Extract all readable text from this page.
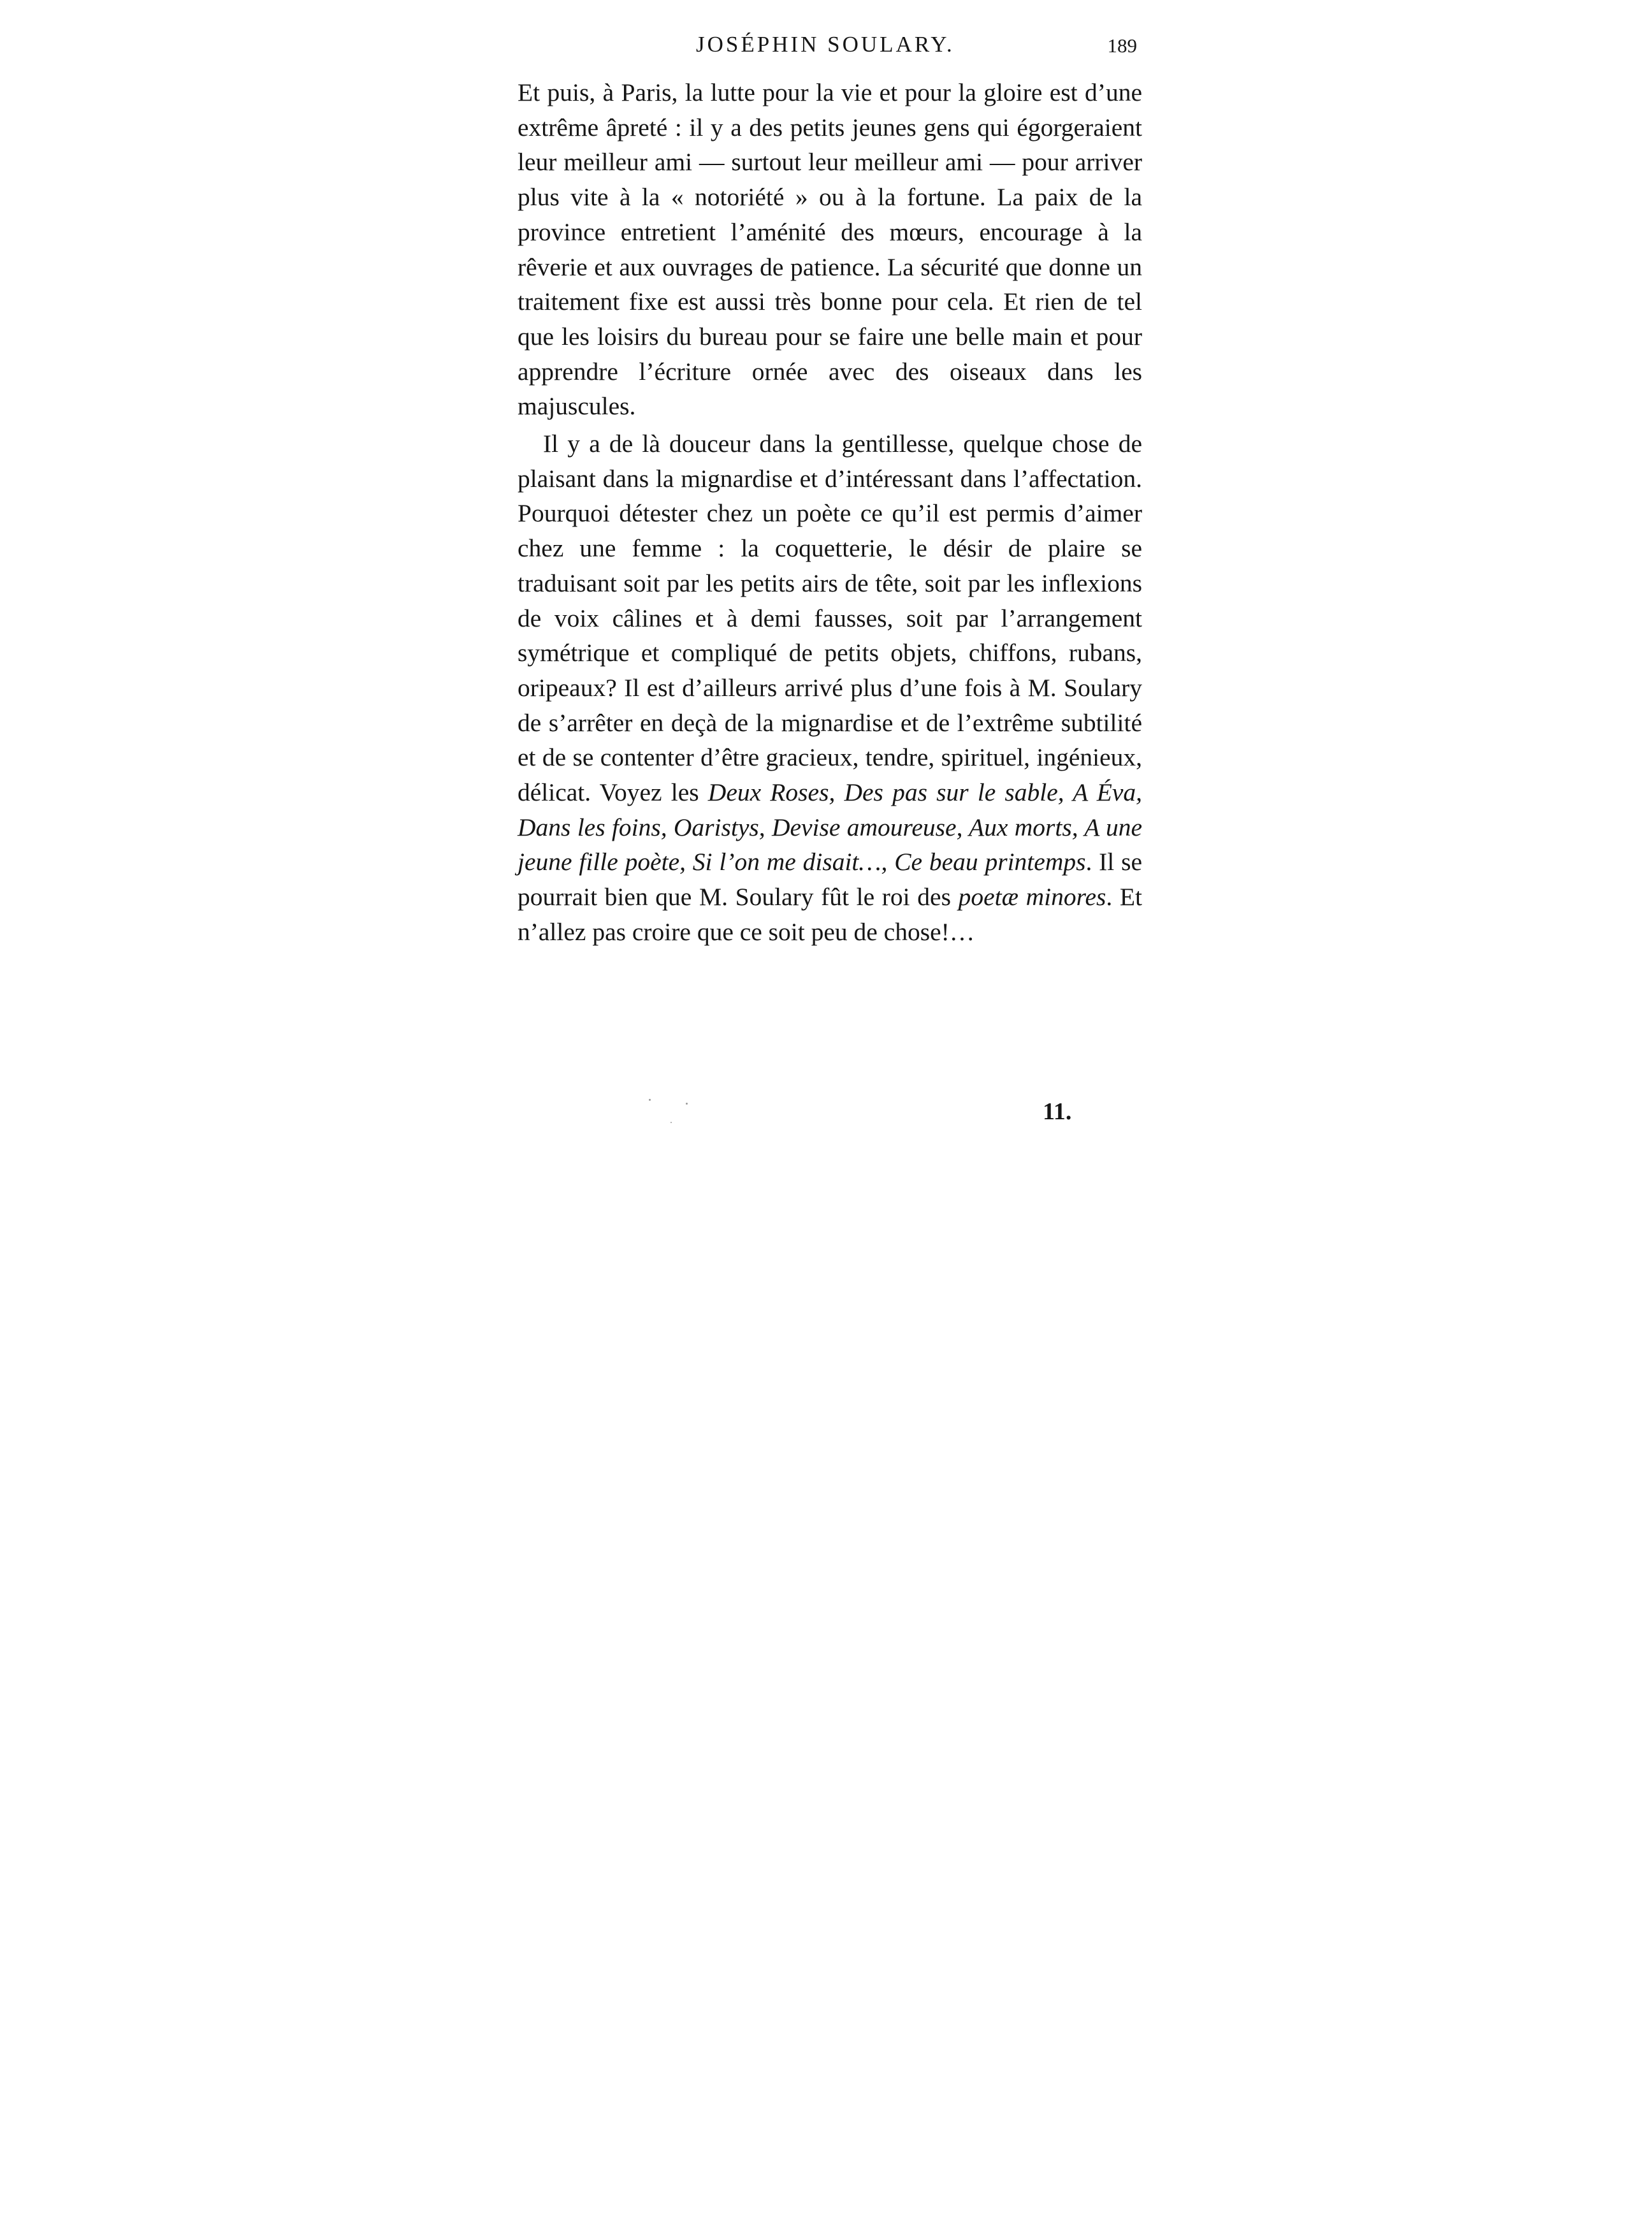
JOSÉPHIN SOULARY.	189

Et puis, à Paris, la lutte pour la vie et pour la gloire est d’une extrême âpreté : il y a des petits jeunes gens qui égorgeraient leur meilleur ami — surtout leur meilleur ami — pour arriver plus vite à la « notoriété » ou à la fortune. La paix de la province entretient l’aménité des mœurs, encourage à la rêverie et aux ouvrages de patience. La sécurité que donne un traitement fixe est aussi très bonne pour cela. Et rien de tel que les loisirs du bureau pour se faire une belle main et pour apprendre l’écriture ornée avec des oiseaux dans les majuscules.

Il y a de là douceur dans la gentillesse, quelque chose de plaisant dans la mignardise et d’intéressant dans l’affectation. Pourquoi détester chez un poète ce qu’il est permis d’aimer chez une femme : la coquetterie, le désir de plaire se traduisant soit par les petits airs de tête, soit par les inflexions de voix câlines et à demi fausses, soit par l’arrangement symétrique et compliqué de petits objets, chiffons, rubans, oripeaux? Il est d’ailleurs arrivé plus d’une fois à M. Soulary de s’arrêter en deçà de la mignardise et de l’extrême subtilité et de se contenter d’être gracieux, tendre, spirituel, ingénieux, délicat. Voyez les Deux Roses, Des pas sur le sable, A Éva, Dans les foins, Oaristys, Devise amoureuse, Aux morts, A une jeune fille poète, Si l’on me disait…, Ce beau printemps. Il se pourrait bien que M. Soulary fût le roi des poetæ minores. Et n’allez pas croire que ce soit peu de chose!…

11.
